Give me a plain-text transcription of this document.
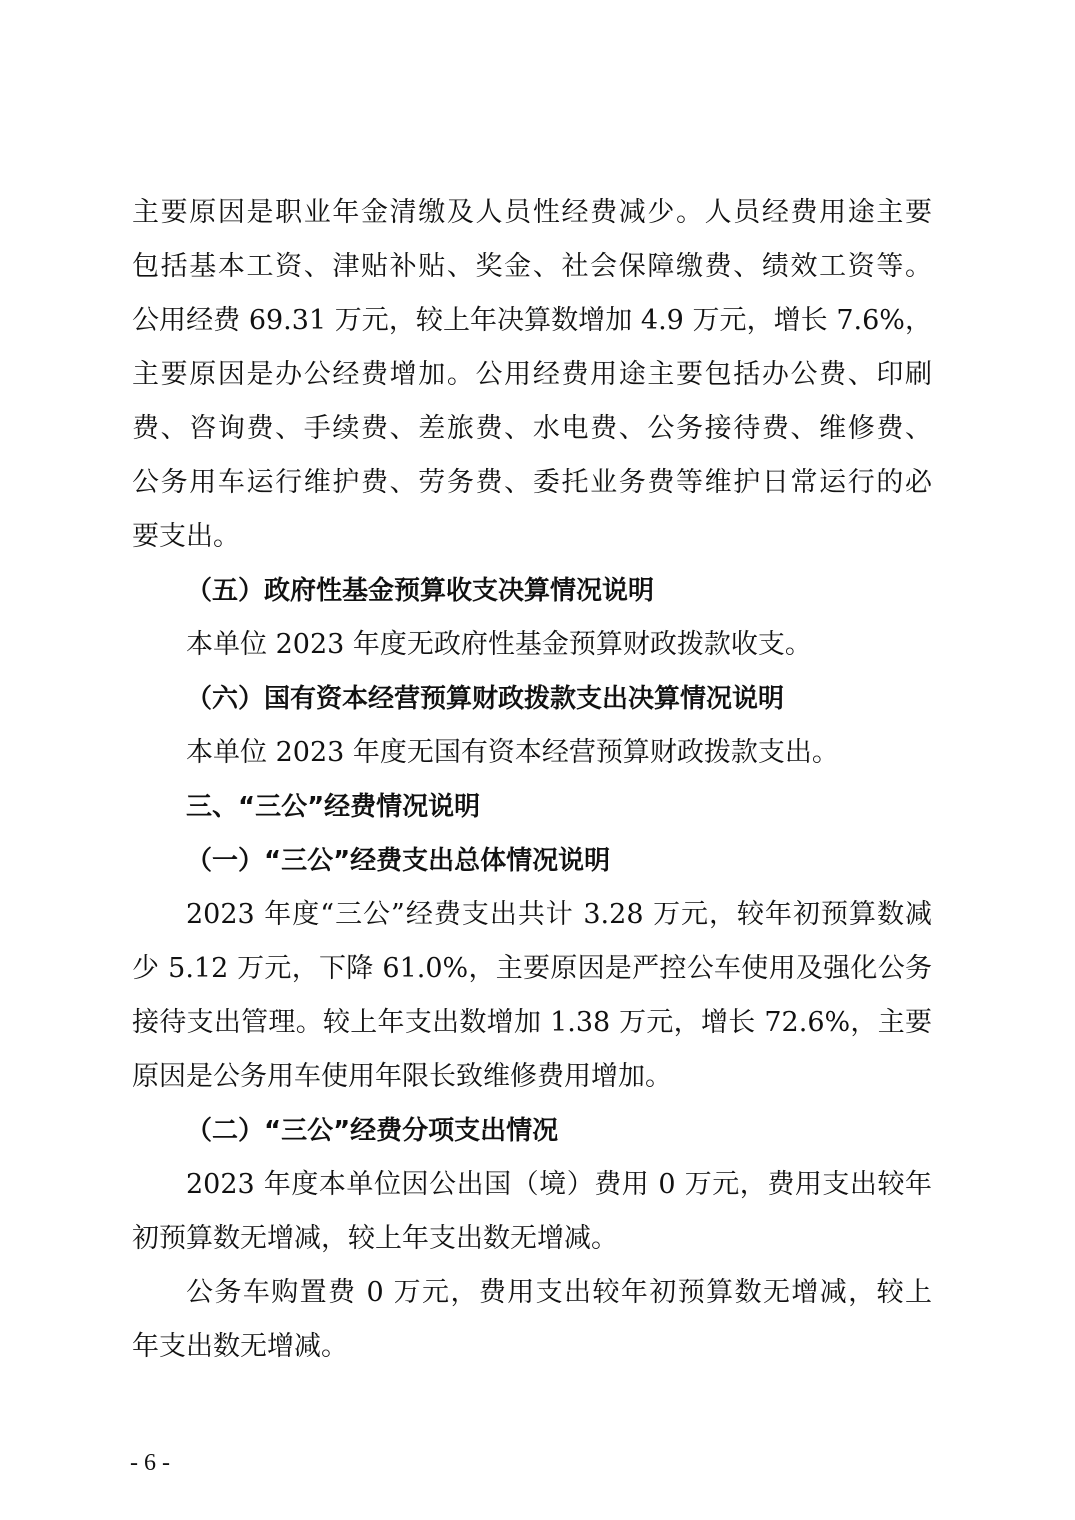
主要原因是职业年金清缴及人员性经费减少。人员经费用途主要
包括基本工资、津贴补贴、奖金、社会保障缴费、绩效工资等。
公用经费 69.31 万元，较上年决算数增加 4.9 万元，增长 7.6%，
主要原因是办公经费增加。公用经费用途主要包括办公费、印刷
费、咨询费、手续费、差旅费、水电费、公务接待费、维修费、
公务用车运行维护费、劳务费、委托业务费等维护日常运行的必
要支出。
（五）政府性基金预算收支决算情况说明
本单位 2023 年度无政府性基金预算财政拨款收支。
（六）国有资本经营预算财政拨款支出决算情况说明
本单位 2023 年度无国有资本经营预算财政拨款支出。
三、“三公”经费情况说明
（一）“三公”经费支出总体情况说明
2023 年度“三公”经费支出共计 3.28 万元，较年初预算数减
少 5.12 万元，下降 61.0%，主要原因是严控公车使用及强化公务
接待支出管理。较上年支出数增加 1.38 万元，增长 72.6%，主要
原因是公务用车使用年限长致维修费用增加。
（二）“三公”经费分项支出情况
2023 年度本单位因公出国（境）费用 0 万元，费用支出较年
初预算数无增减，较上年支出数无增减。
公务车购置费 0 万元，费用支出较年初预算数无增减，较上
年支出数无增减。
- 6 -
